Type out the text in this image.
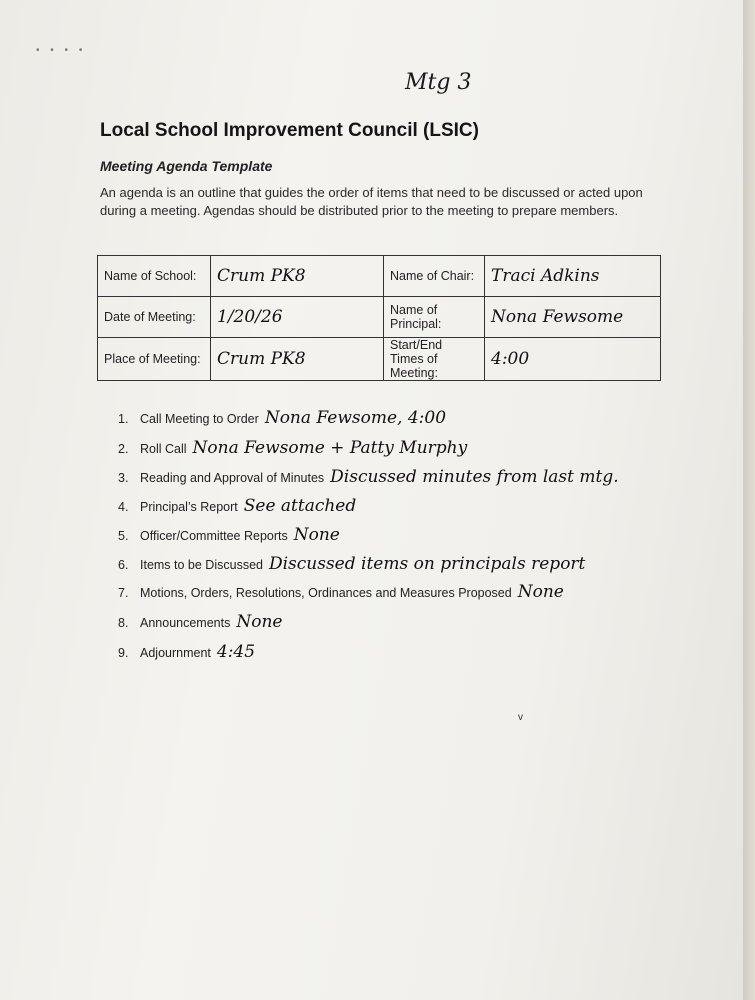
• • • •
Mtg 3
Local School Improvement Council (LSIC)
Meeting Agenda Template
An agenda is an outline that guides the order of items that need to be discussed or acted upon during a meeting. Agendas should be distributed prior to the meeting to prepare members.
Name of School:	Crum PK8	Name of Chair:	Traci Adkins
Date of Meeting:	1/20/26	Name of Principal:	Nona Fewsome
Place of Meeting:	Crum PK8	Start/End Times of Meeting:	4:00
1. Call Meeting to Order Nona Fewsome, 4:00
2. Roll Call Nona Fewsome + Patty Murphy
3. Reading and Approval of Minutes Discussed minutes from last mtg.
4. Principal’s Report See attached
5. Officer/Committee Reports None
6. Items to be Discussed Discussed items on principals report
7. Motions, Orders, Resolutions, Ordinances and Measures Proposed None
8. Announcements None
9. Adjournment 4:45
v
